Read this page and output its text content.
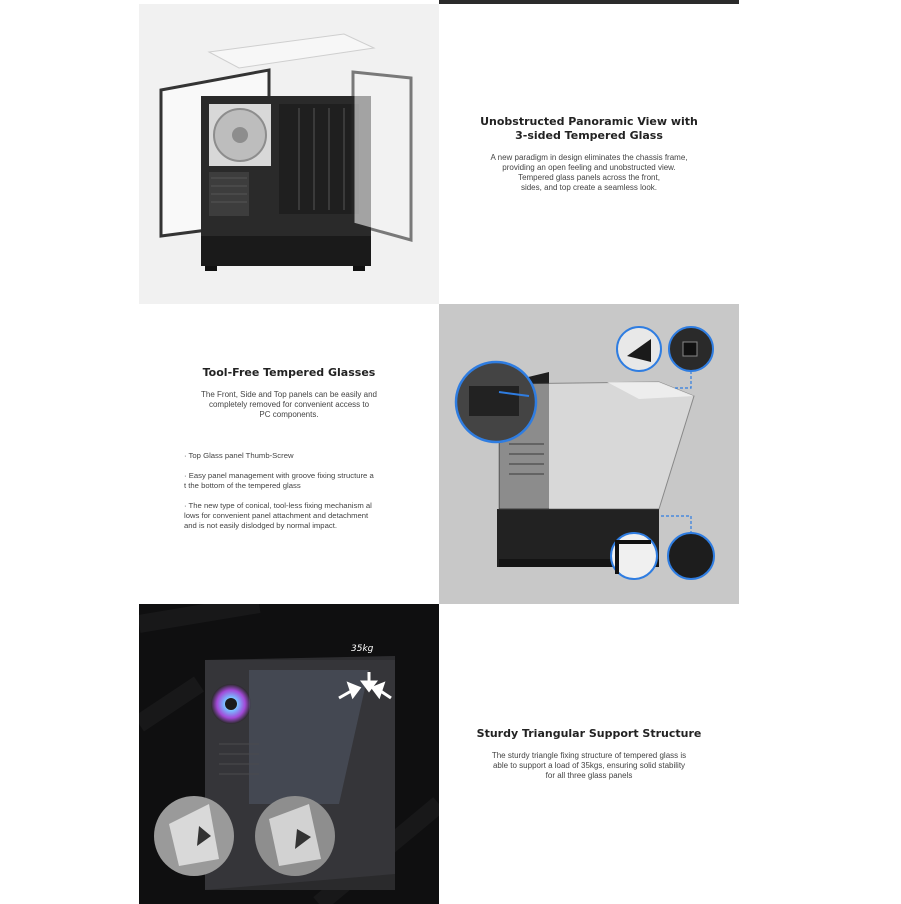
Unobstructed Panoramic View with
3-sided Tempered Glass

A new paradigm in design eliminates the chassis frame,
providing an open feeling and unobstructed view.
Tempered glass panels across the front,
sides, and top create a seamless look.

Tool-Free Tempered Glasses

The Front, Side and Top panels can be easily and
completely removed for convenient access to
PC components.

· Top Glass panel Thumb-Screw
· Easy panel management with groove fixing structure a
t the bottom of the tempered glass
· The new type of conical, tool-less fixing mechanism al
lows for convenient panel attachment and detachment
and is not easily dislodged by normal impact.
35kg
Sturdy Triangular Support Structure

The sturdy triangle fixing structure of tempered glass is
able to support a load of 35kgs, ensuring solid stability
for all three glass panels
